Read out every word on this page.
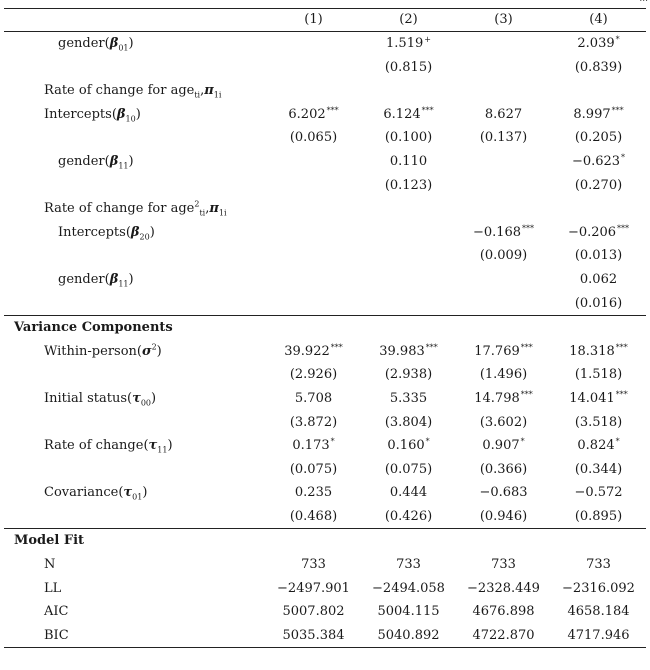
	(1)	(2)	(3)	(4)
$gender(\beta_{01})$		1.519+		2.039*
		(0.815)		(0.839)
Rate of change for $age_{ti},\pi_{1i}$
$Intercepts(\beta_{10})$	6.202***	6.124***	8.627	8.997***
	(0.065)	(0.100)	(0.137)	(0.205)
$gender(\beta_{11})$		0.110		−0.623*
		(0.123)		(0.270)
Rate of change for $age^2_{ti},\pi_{1i}$
$Intercepts(\beta_{20})$			−0.168***	−0.206***
			(0.009)	(0.013)
$gender(\beta_{11})$				0.062
				(0.016)
Variance Components				
Within-$person(\sigma^2)$	39.922***	39.983***	17.769***	18.318***
	(2.926)	(2.938)	(1.496)	(1.518)
Initial $status(\tau_{00})$	5.708	5.335	14.798***	14.041***
	(3.872)	(3.804)	(3.602)	(3.518)
Rate of $change(\tau_{11})$	0.173*	0.160*	0.907*	0.824*
	(0.075)	(0.075)	(0.366)	(0.344)
$Covariance(\tau_{01})$	0.235	0.444	−0.683	−0.572
	(0.468)	(0.426)	(0.946)	(0.895)
Model Fit				
N	733	733	733	733
LL	−2497.901	−2494.058	−2328.449	−2316.092
AIC	5007.802	5004.115	4676.898	4658.184
BIC	5035.384	5040.892	4722.870	4717.946
